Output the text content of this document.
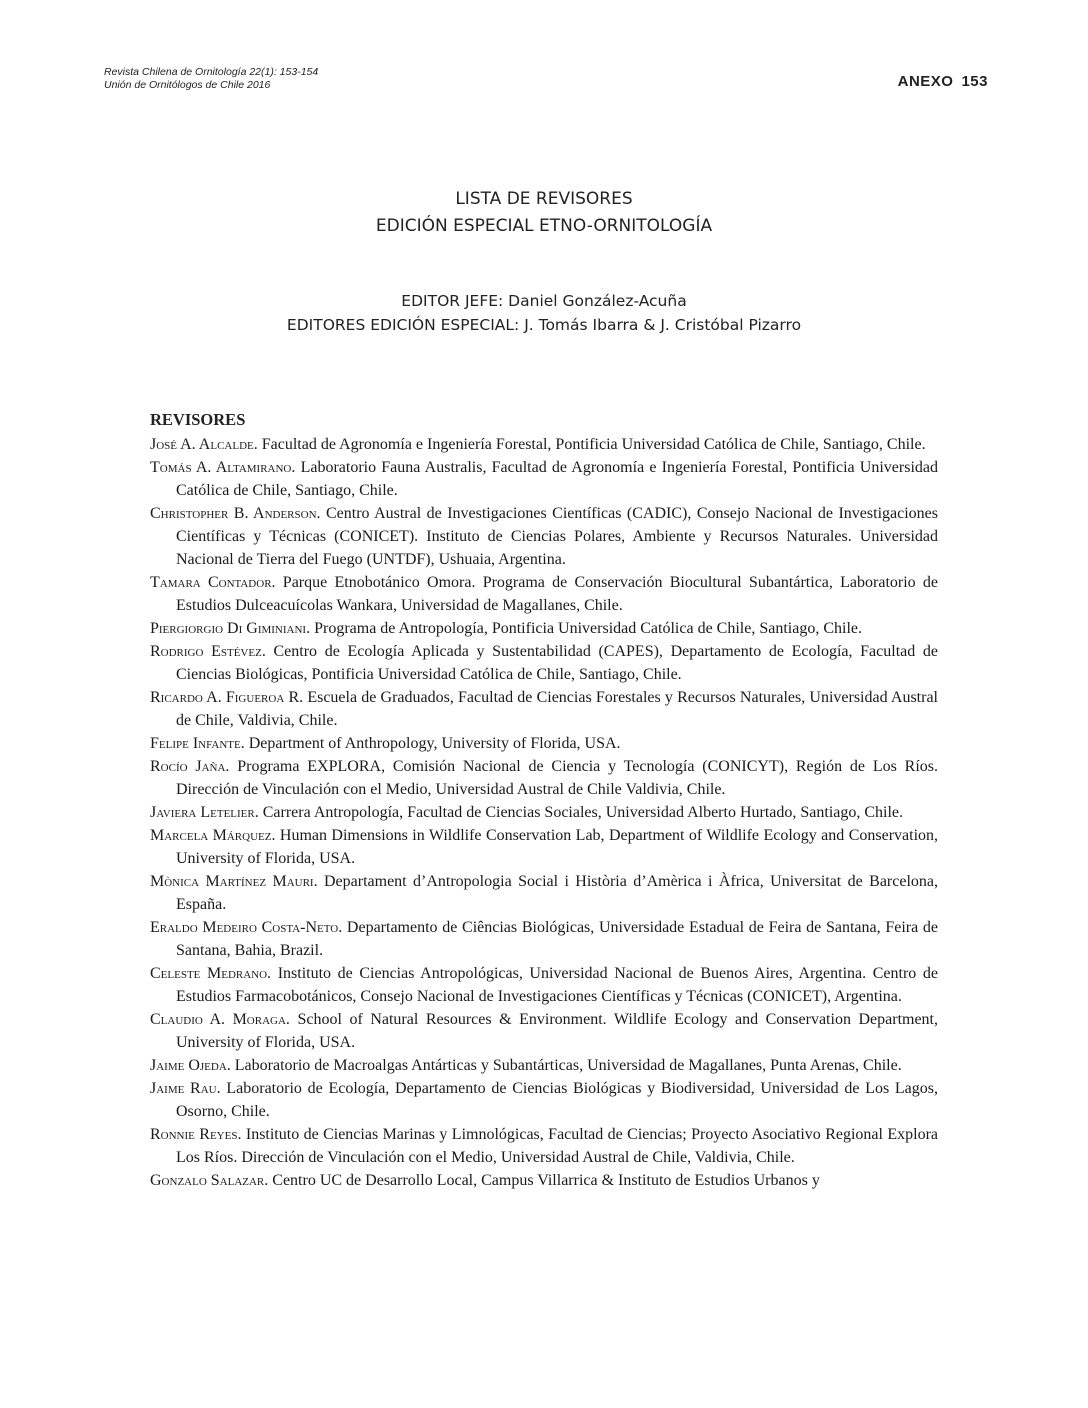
Revista Chilena de Ornitología 22(1): 153-154
Unión de Ornitólogos de Chile 2016	ANEXO 153
LISTA DE REVISORES
EDICIÓN ESPECIAL ETNO-ORNITOLOGÍA
EDITOR JEFE: Daniel González-Acuña
EDITORES EDICIÓN ESPECIAL: J. Tomás Ibarra & J. Cristóbal Pizarro
REVISORES
José A. Alcalde. Facultad de Agronomía e Ingeniería Forestal, Pontificia Universidad Católica de Chile, Santiago, Chile.
Tomás A. Altamirano. Laboratorio Fauna Australis, Facultad de Agronomía e Ingeniería Forestal, Pontificia Universidad Católica de Chile, Santiago, Chile.
Christopher B. Anderson. Centro Austral de Investigaciones Científicas (CADIC), Consejo Nacional de Investigaciones Científicas y Técnicas (CONICET). Instituto de Ciencias Polares, Ambiente y Recursos Naturales. Universidad Nacional de Tierra del Fuego (UNTDF), Ushuaia, Argentina.
Tamara Contador. Parque Etnobotánico Omora. Programa de Conservación Biocultural Subantártica, Laboratorio de Estudios Dulceacuícolas Wankara, Universidad de Magallanes, Chile.
Piergiorgio Di Giminiani. Programa de Antropología, Pontificia Universidad Católica de Chile, Santiago, Chile.
Rodrigo Estévez. Centro de Ecología Aplicada y Sustentabilidad (CAPES), Departamento de Ecología, Facultad de Ciencias Biológicas, Pontificia Universidad Católica de Chile, Santiago, Chile.
Ricardo A. Figueroa R. Escuela de Graduados, Facultad de Ciencias Forestales y Recursos Naturales, Universidad Austral de Chile, Valdivia, Chile.
Felipe Infante. Department of Anthropology, University of Florida, USA.
Rocío Jaña. Programa EXPLORA, Comisión Nacional de Ciencia y Tecnología (CONICYT), Región de Los Ríos. Dirección de Vinculación con el Medio, Universidad Austral de Chile Valdivia, Chile.
Javiera Letelier. Carrera Antropología, Facultad de Ciencias Sociales, Universidad Alberto Hurtado, Santiago, Chile.
Marcela Márquez. Human Dimensions in Wildlife Conservation Lab, Department of Wildlife Ecology and Conservation, University of Florida, USA.
Mònica Martínez Mauri. Departament d’Antropologia Social i Història d’Amèrica i Àfrica, Universitat de Barcelona, España.
Eraldo Medeiro Costa-Neto. Departamento de Ciências Biológicas, Universidade Estadual de Feira de Santana, Feira de Santana, Bahia, Brazil.
Celeste Medrano. Instituto de Ciencias Antropológicas, Universidad Nacional de Buenos Aires, Argentina. Centro de Estudios Farmacobotánicos, Consejo Nacional de Investigaciones Científicas y Técnicas (CONICET), Argentina.
Claudio A. Moraga. School of Natural Resources & Environment. Wildlife Ecology and Conservation Department, University of Florida, USA.
Jaime Ojeda. Laboratorio de Macroalgas Antárticas y Subantárticas, Universidad de Magallanes, Punta Arenas, Chile.
Jaime Rau. Laboratorio de Ecología, Departamento de Ciencias Biológicas y Biodiversidad, Universidad de Los Lagos, Osorno, Chile.
Ronnie Reyes. Instituto de Ciencias Marinas y Limnológicas, Facultad de Ciencias; Proyecto Asociativo Regional Explora Los Ríos. Dirección de Vinculación con el Medio, Universidad Austral de Chile, Valdivia, Chile.
Gonzalo Salazar. Centro UC de Desarrollo Local, Campus Villarrica & Instituto de Estudios Urbanos y
